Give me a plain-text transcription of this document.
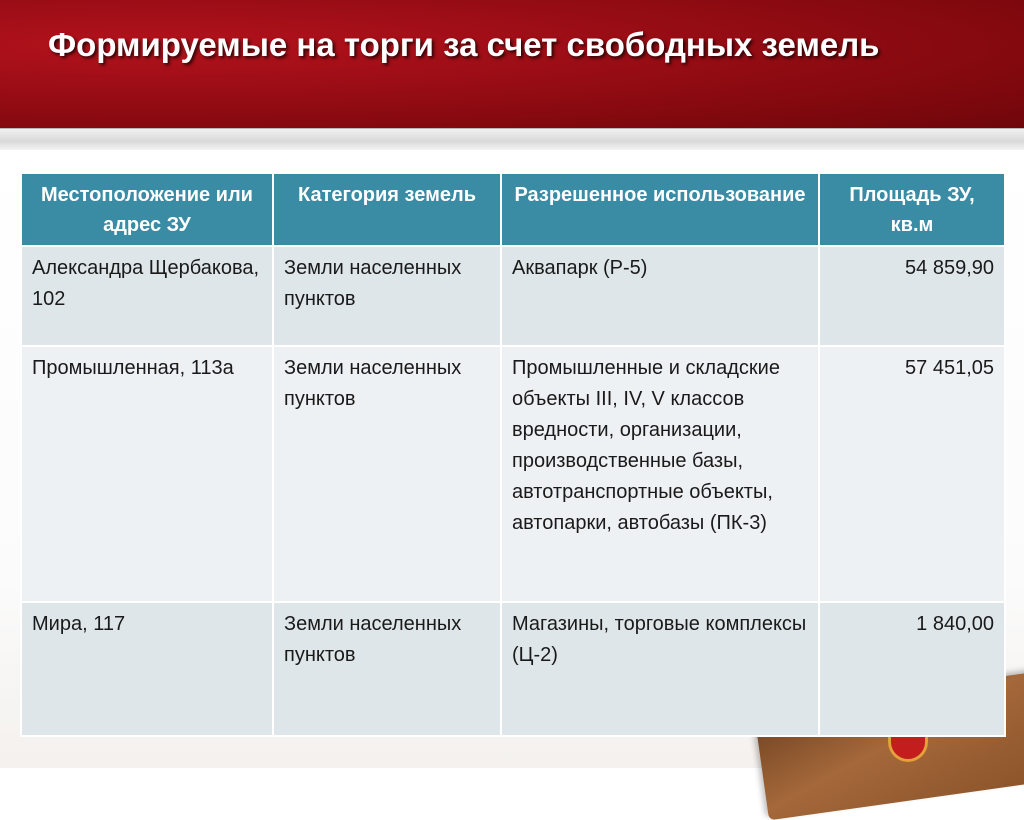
Формируемые на торги за счет свободных земель
Местоположение или адрес ЗУ	Категория земель	Разрешенное использование	Площадь ЗУ, кв.м
Александра Щербакова, 102	Земли населенных пунктов	Аквапарк (Р-5)	54 859,90
Промышленная, 113а	Земли населенных пунктов	Промышленные и складские объекты III, IV, V классов вредности, организации, производственные базы, автотранспортные объекты, автопарки, автобазы (ПК-3)	57 451,05
Мира, 117	Земли населенных пунктов	Магазины, торговые комплексы (Ц-2)	1 840,00
